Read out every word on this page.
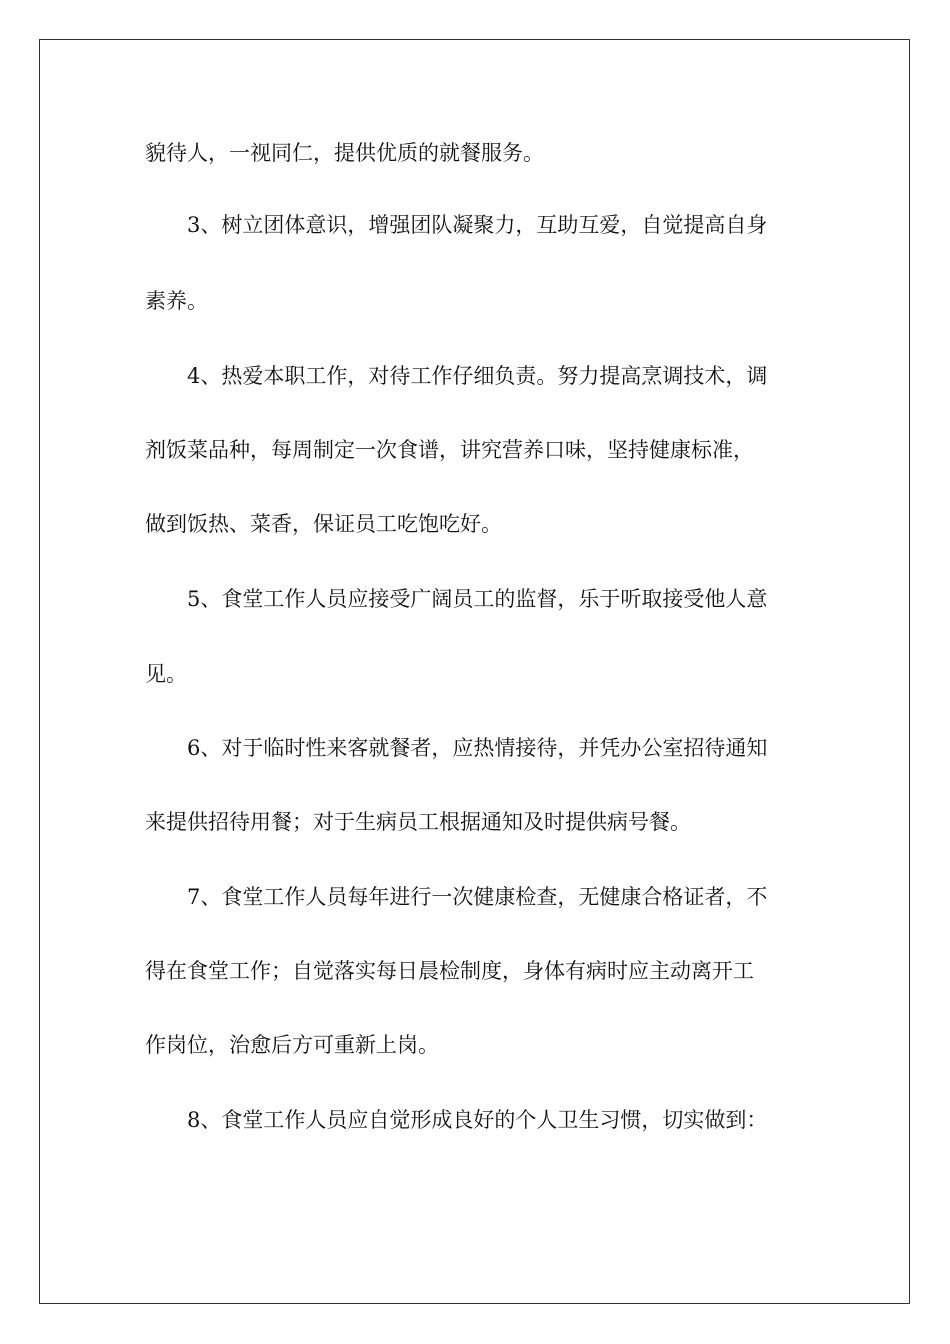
貌待人，一视同仁，提供优质的就餐服务。

3、树立团体意识，增强团队凝聚力，互助互爱，自觉提高自身

素养。

4、热爱本职工作，对待工作仔细负责。努力提高烹调技术，调

剂饭菜品种，每周制定一次食谱，讲究营养口味，坚持健康标准，

做到饭热、菜香，保证员工吃饱吃好。

5、食堂工作人员应接受广阔员工的监督，乐于听取接受他人意

见。

6、对于临时性来客就餐者，应热情接待，并凭办公室招待通知

来提供招待用餐；对于生病员工根据通知及时提供病号餐。

7、食堂工作人员每年进行一次健康检查，无健康合格证者，不

得在食堂工作；自觉落实每日晨检制度，身体有病时应主动离开工

作岗位，治愈后方可重新上岗。

8、食堂工作人员应自觉形成良好的个人卫生习惯，切实做到：
